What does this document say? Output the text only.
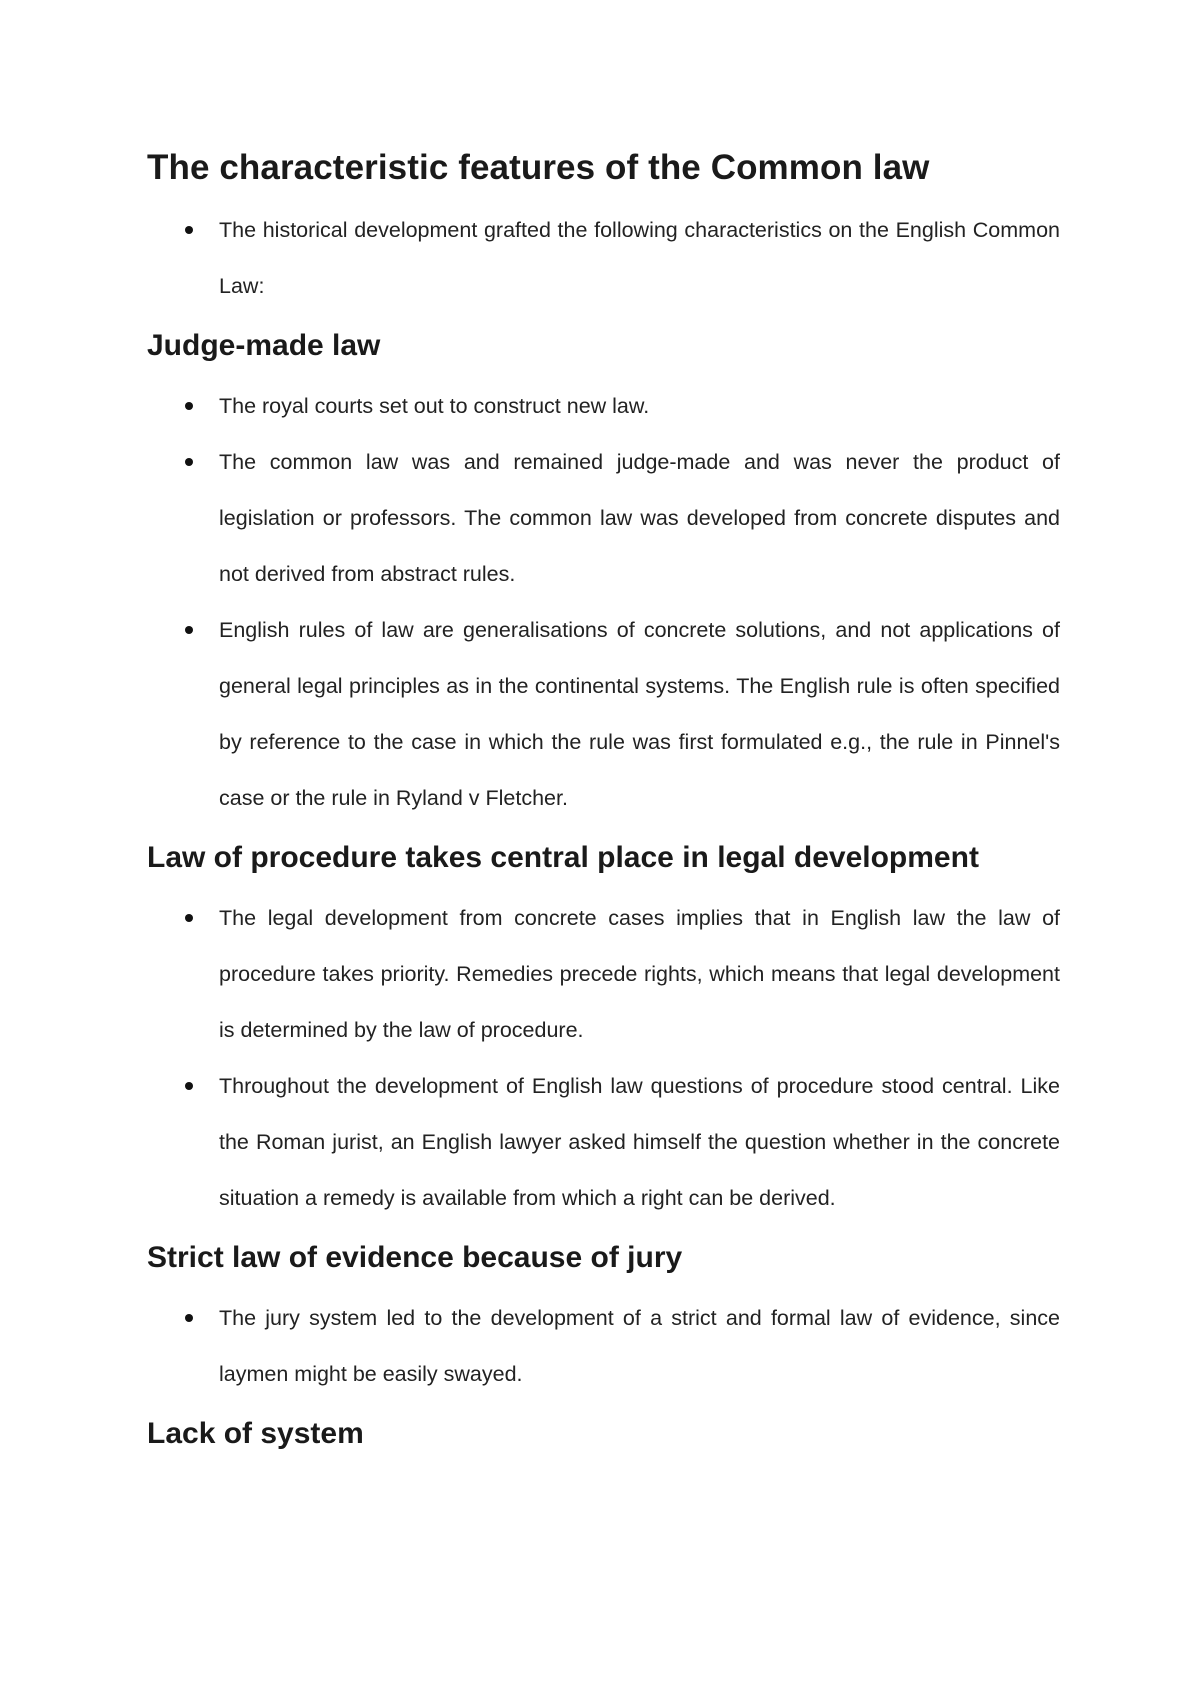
The characteristic features of the Common law
The historical development grafted the following characteristics on the English Common Law:
Judge-made law
The royal courts set out to construct new law.
The common law was and remained judge-made and was never the product of legislation or professors. The common law was developed from concrete disputes and not derived from abstract rules.
English rules of law are generalisations of concrete solutions, and not applications of general legal principles as in the continental systems. The English rule is often specified by reference to the case in which the rule was first formulated e.g., the rule in Pinnel's case or the rule in Ryland v Fletcher.
Law of procedure takes central place in legal development
The legal development from concrete cases implies that in English law the law of procedure takes priority. Remedies precede rights, which means that legal development is determined by the law of procedure.
Throughout the development of English law questions of procedure stood central. Like the Roman jurist, an English lawyer asked himself the question whether in the concrete situation a remedy is available from which a right can be derived.
Strict law of evidence because of jury
The jury system led to the development of a strict and formal law of evidence, since laymen might be easily swayed.
Lack of system
